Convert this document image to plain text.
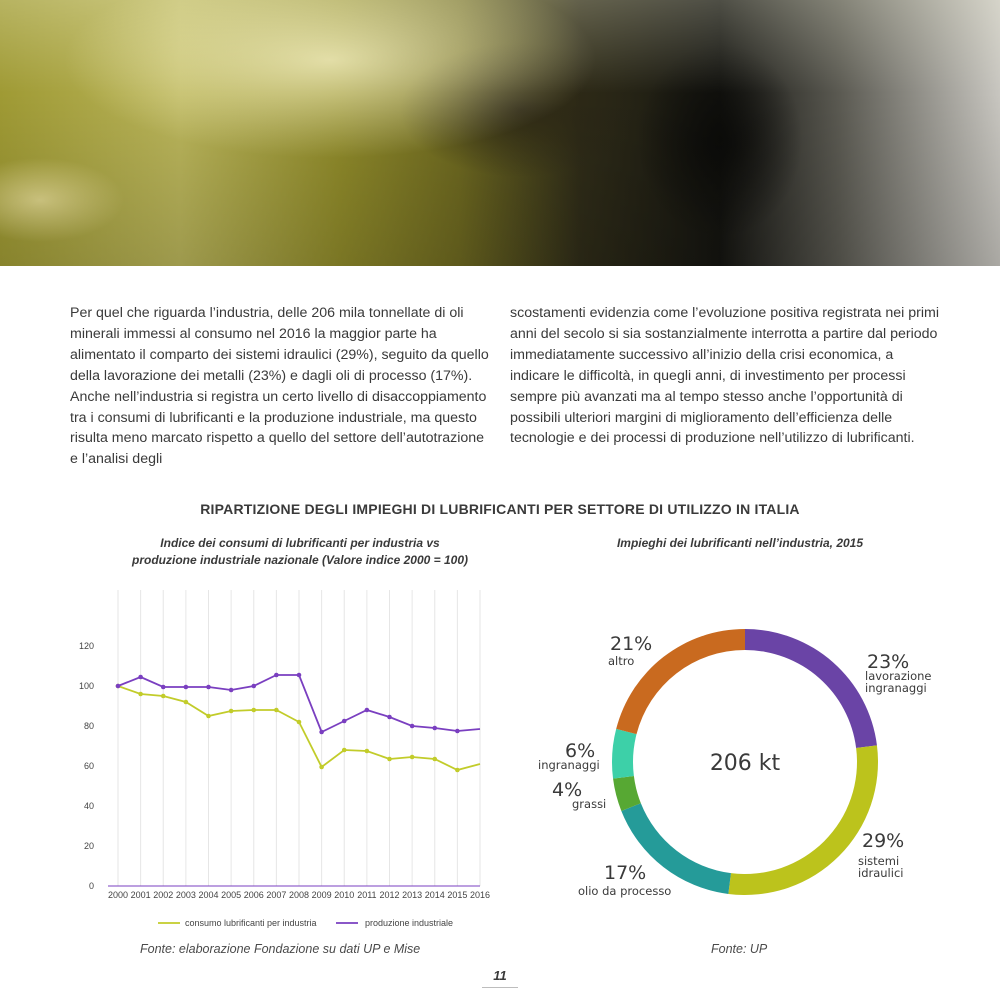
Per quel che riguarda l’industria, delle 206 mila tonnellate di oli minerali immessi al consumo nel 2016 la maggior parte ha alimentato il comparto dei sistemi idraulici (29%), seguito da quello della lavorazione dei metalli (23%) e dagli oli di processo (17%). Anche nell’industria si registra un certo livello di disaccoppiamento tra i consumi di lubrificanti e la produzione industriale, ma questo risulta meno marcato rispetto a quello del settore dell’autotrazione e l’analisi degli
scostamenti evidenzia come l’evoluzione positiva registrata nei primi anni del secolo si sia sostanzialmente interrotta a partire dal periodo immediatamente successivo all’inizio della crisi economica, a indicare le difficoltà, in quegli anni, di investimento per processi sempre più avanzati ma al tempo stesso anche l’opportunità di possibili ulteriori margini di miglioramento dell’efficienza delle tecnologie e dei processi di produzione nell’utilizzo di lubrificanti.
RIPARTIZIONE DEGLI IMPIEGHI DI LUBRIFICANTI PER SETTORE DI UTILIZZO IN ITALIA
Indice dei consumi di lubrificanti per industria vs
produzione industriale nazionale (Valore indice 2000 = 100)
Impieghi dei lubrificanti nell’industria, 2015
0
20
40
60
80
100
120
2000 2001 2002 2003 2004 2005 2006 2007 2008 2009 2010 2011 2012 2013 2014 2015 2016
consumo lubrificanti per industria	produzione industriale
206 kt
23%
lavorazione
ingranaggi
29%
sistemi
idraulici
17%
olio da processo
4%
grassi
6%
ingranaggi
21%
altro
Fonte: elaborazione Fondazione su dati UP e Mise	Fonte: UP
11
